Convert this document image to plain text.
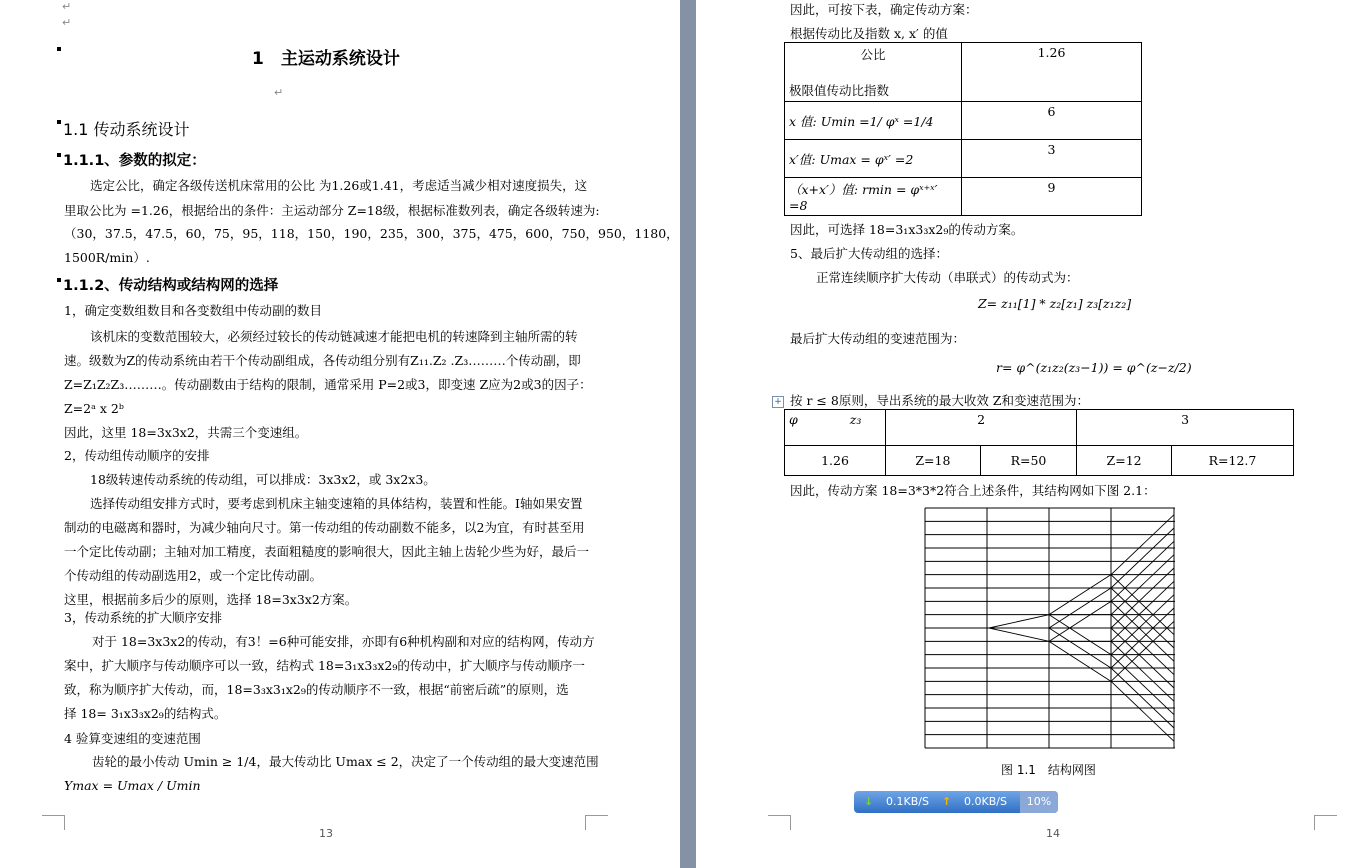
↵
↵
1　主运动系统设计
↵
1.1 传动系统设计
1.1.1、参数的拟定：
选定公比，确定各级传送机床常用的公比 为1.26或1.41，考虑适当减少相对速度损失，这
里取公比为 =1.26，根据给出的条件：主运动部分 Z=18级，根据标准数列表，确定各级转速为:
（30，37.5，47.5，60，75，95，118，150，190，235，300，375，475，600，750，950，1180，
1500R/min）.
1.1.2、传动结构或结构网的选择
1，确定变数组数目和各变数组中传动副的数目
该机床的变数范围较大，必须经过较长的传动链减速才能把电机的转速降到主轴所需的转
速。级数为Z的传动系统由若干个传动副组成，各传动组分别有Z₁₁.Z₂ .Z₃………个传动副，即
Z=Z₁Z₂Z₃………。传动副数由于结构的限制，通常采用 P=2或3，即变速 Z应为2或3的因子：
Z=2ᵃ x 2ᵇ
因此，这里 18=3x3x2，共需三个变速组。
2，传动组传动顺序的安排
18级转速传动系统的传动组，可以排成：3x3x2，或 3x2x3。
选择传动组安排方式时，要考虑到机床主轴变速箱的具体结构，装置和性能。I轴如果安置
制动的电磁离和器时，为减少轴向尺寸。第一传动组的传动副数不能多，以2为宜，有时甚至用
一个定比传动副；主轴对加工精度，表面粗糙度的影响很大，因此主轴上齿轮少些为好，最后一
个传动组的传动副选用2，或一个定比传动副。
这里，根据前多后少的原则，选择 18=3x3x2方案。
3，传动系统的扩大顺序安排
对于 18=3x3x2的传动，有3！=6种可能安排，亦即有6种机构副和对应的结构网，传动方
案中，扩大顺序与传动顺序可以一致，结构式 18=3₁x3₃x2₉的传动中，扩大顺序与传动顺序一
致，称为顺序扩大传动，而，18=3₃x3₁x2₉的传动顺序不一致，根据“前密后疏”的原则，选
择 18= 3₁x3₃x2₉的结构式。
4 验算变速组的变速范围
齿轮的最小传动 Umin ≥ 1/4，最大传动比 Umax ≤ 2，决定了一个传动组的最大变速范围
Ymax = Umax / Umin
13
因此，可按下表，确定传动方案：
根据传动比及指数 x, x′ 的值
公比
极限值传动比指数	1.26
x 值: Umin =1/ φˣ =1/4	6
x′值: Umax = φˣ′ =2	3
（x+x′）值: rmin = φˣ⁺ˣ′ =8	9
因此，可选择 18=3₁x3₃x2₉的传动方案。
5、最后扩大传动组的选择：
正常连续顺序扩大传动（串联式）的传动式为：
Z= z₁₁[1] * z₂[z₁] z₃[z₁z₂]
最后扩大传动组的变速范围为：
r= φ^(z₁z₂(z₃−1)) = φ^(z−z/2)
+ 按 r ≤ 8原则，导出系统的最大收效 Z和变速范围为：
φ z₃	2		3	
1.26	Z=18	R=50	Z=12	R=12.7
因此，传动方案 18=3*3*2符合上述条件，其结构网如下图 2.1：
图 1.1　结构网图
14
↓ 0.1KB/S ↑ 0.0KB/S	10%
